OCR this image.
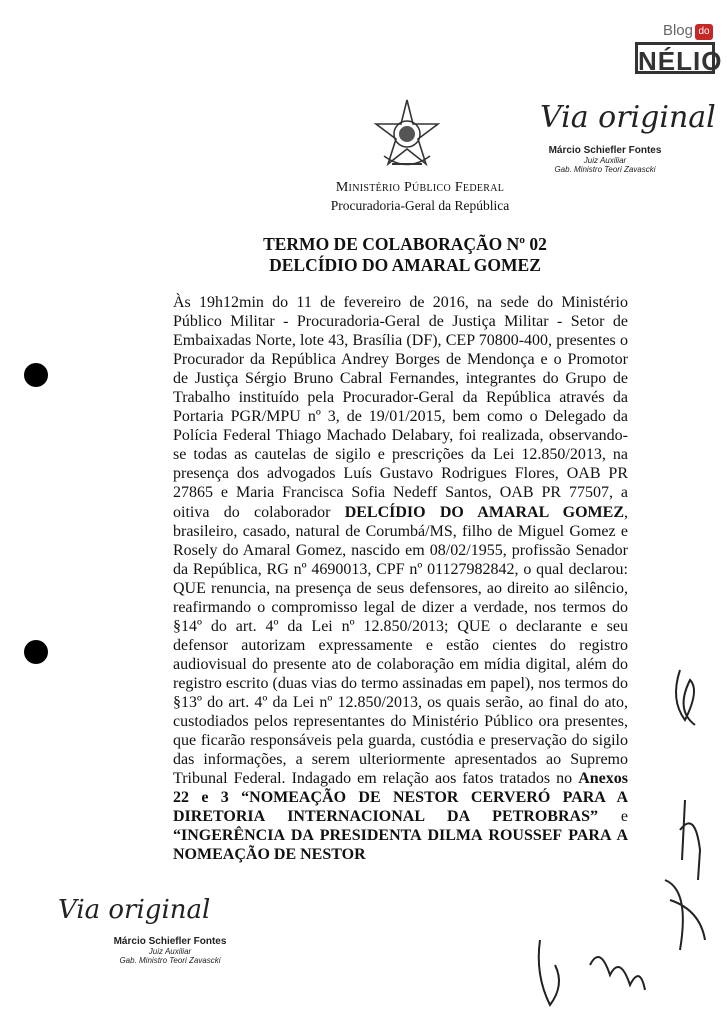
Blog do
NÉLIO
Ministério Público Federal
Procuradoria-Geral da República
TERMO DE COLABORAÇÃO Nº 02
DELCÍDIO DO AMARAL GOMEZ
Via original
Márcio Schiefler Fontes
Juiz Auxiliar
Gab. Ministro Teori Zavascki
Às 19h12min do 11 de fevereiro de 2016, na sede do Ministério Público Militar - Procuradoria-Geral de Justiça Militar - Setor de Embaixadas Norte, lote 43, Brasília (DF), CEP 70800-400, presentes o Procurador da República Andrey Borges de Mendonça e o Promotor de Justiça Sérgio Bruno Cabral Fernandes, integrantes do Grupo de Trabalho instituído pela Procurador-Geral da República através da Portaria PGR/MPU nº 3, de 19/01/2015, bem como o Delegado da Polícia Federal Thiago Machado Delabary, foi realizada, observando-se todas as cautelas de sigilo e prescrições da Lei 12.850/2013, na presença dos advogados Luís Gustavo Rodrigues Flores, OAB PR 27865 e Maria Francisca Sofia Nedeff Santos, OAB PR 77507, a oitiva do colaborador DELCÍDIO DO AMARAL GOMEZ, brasileiro, casado, natural de Corumbá/MS, filho de Miguel Gomez e Rosely do Amaral Gomez, nascido em 08/02/1955, profissão Senador da República, RG nº 4690013, CPF nº 01127982842, o qual declarou: QUE renuncia, na presença de seus defensores, ao direito ao silêncio, reafirmando o compromisso legal de dizer a verdade, nos termos do §14º do art. 4º da Lei nº 12.850/2013; QUE o declarante e seu defensor autorizam expressamente e estão cientes do registro audiovisual do presente ato de colaboração em mídia digital, além do registro escrito (duas vias do termo assinadas em papel), nos termos do §13º do art. 4º da Lei nº 12.850/2013, os quais serão, ao final do ato, custodiados pelos representantes do Ministério Público ora presentes, que ficarão responsáveis pela guarda, custódia e preservação do sigilo das informações, a serem ulteriormente apresentados ao Supremo Tribunal Federal. Indagado em relação aos fatos tratados no Anexos 22 e 3 “NOMEAÇÃO DE NESTOR CERVERÓ PARA A DIRETORIA INTERNACIONAL DA PETROBRAS” e “INGERÊNCIA DA PRESIDENTA DILMA ROUSSEF PARA A NOMEAÇÃO DE NESTOR
Via original
Márcio Schiefler Fontes
Juiz Auxiliar
Gab. Ministro Teori Zavascki
